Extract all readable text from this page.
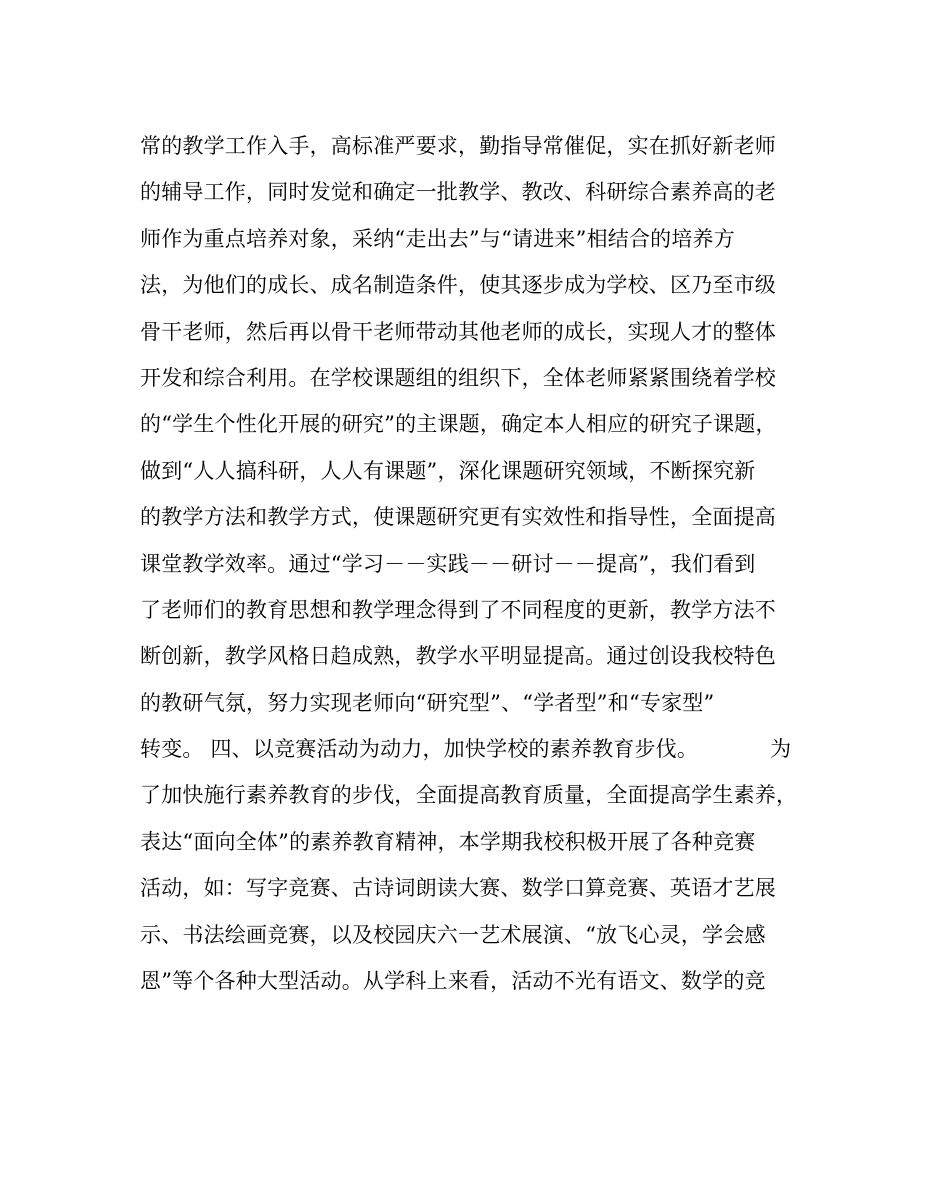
常的教学工作入手，高标准严要求，勤指导常催促，实在抓好新老师
的辅导工作，同时发觉和确定一批教学、教改、科研综合素养高的老
师作为重点培养对象，采纳“走出去”与“请进来”相结合的培养方
法，为他们的成长、成名制造条件，使其逐步成为学校、区乃至市级
骨干老师，然后再以骨干老师带动其他老师的成长，实现人才的整体
开发和综合利用。在学校课题组的组织下，全体老师紧紧围绕着学校
的“学生个性化开展的研究”的主课题，确定本人相应的研究子课题，
做到“人人搞科研，人人有课题”，深化课题研究领域，不断探究新
的教学方法和教学方式，使课题研究更有实效性和指导性，全面提高
课堂教学效率。通过“学习－－实践－－研讨－－提高”，我们看到
了老师们的教育思想和教学理念得到了不同程度的更新，教学方法不
断创新，教学风格日趋成熟，教学水平明显提高。通过创设我校特色
的教研气氛，努力实现老师向“研究型”、“学者型”和“专家型”
转变。 四、以竞赛活动为动力，加快学校的素养教育步伐。	为
了加快施行素养教育的步伐，全面提高教育质量，全面提高学生素养，
表达“面向全体”的素养教育精神，本学期我校积极开展了各种竞赛
活动，如：写字竞赛、古诗词朗读大赛、数学口算竞赛、英语才艺展
示、书法绘画竞赛，以及校园庆六一艺术展演、“放飞心灵，学会感
恩”等个各种大型活动。从学科上来看，活动不光有语文、数学的竞
